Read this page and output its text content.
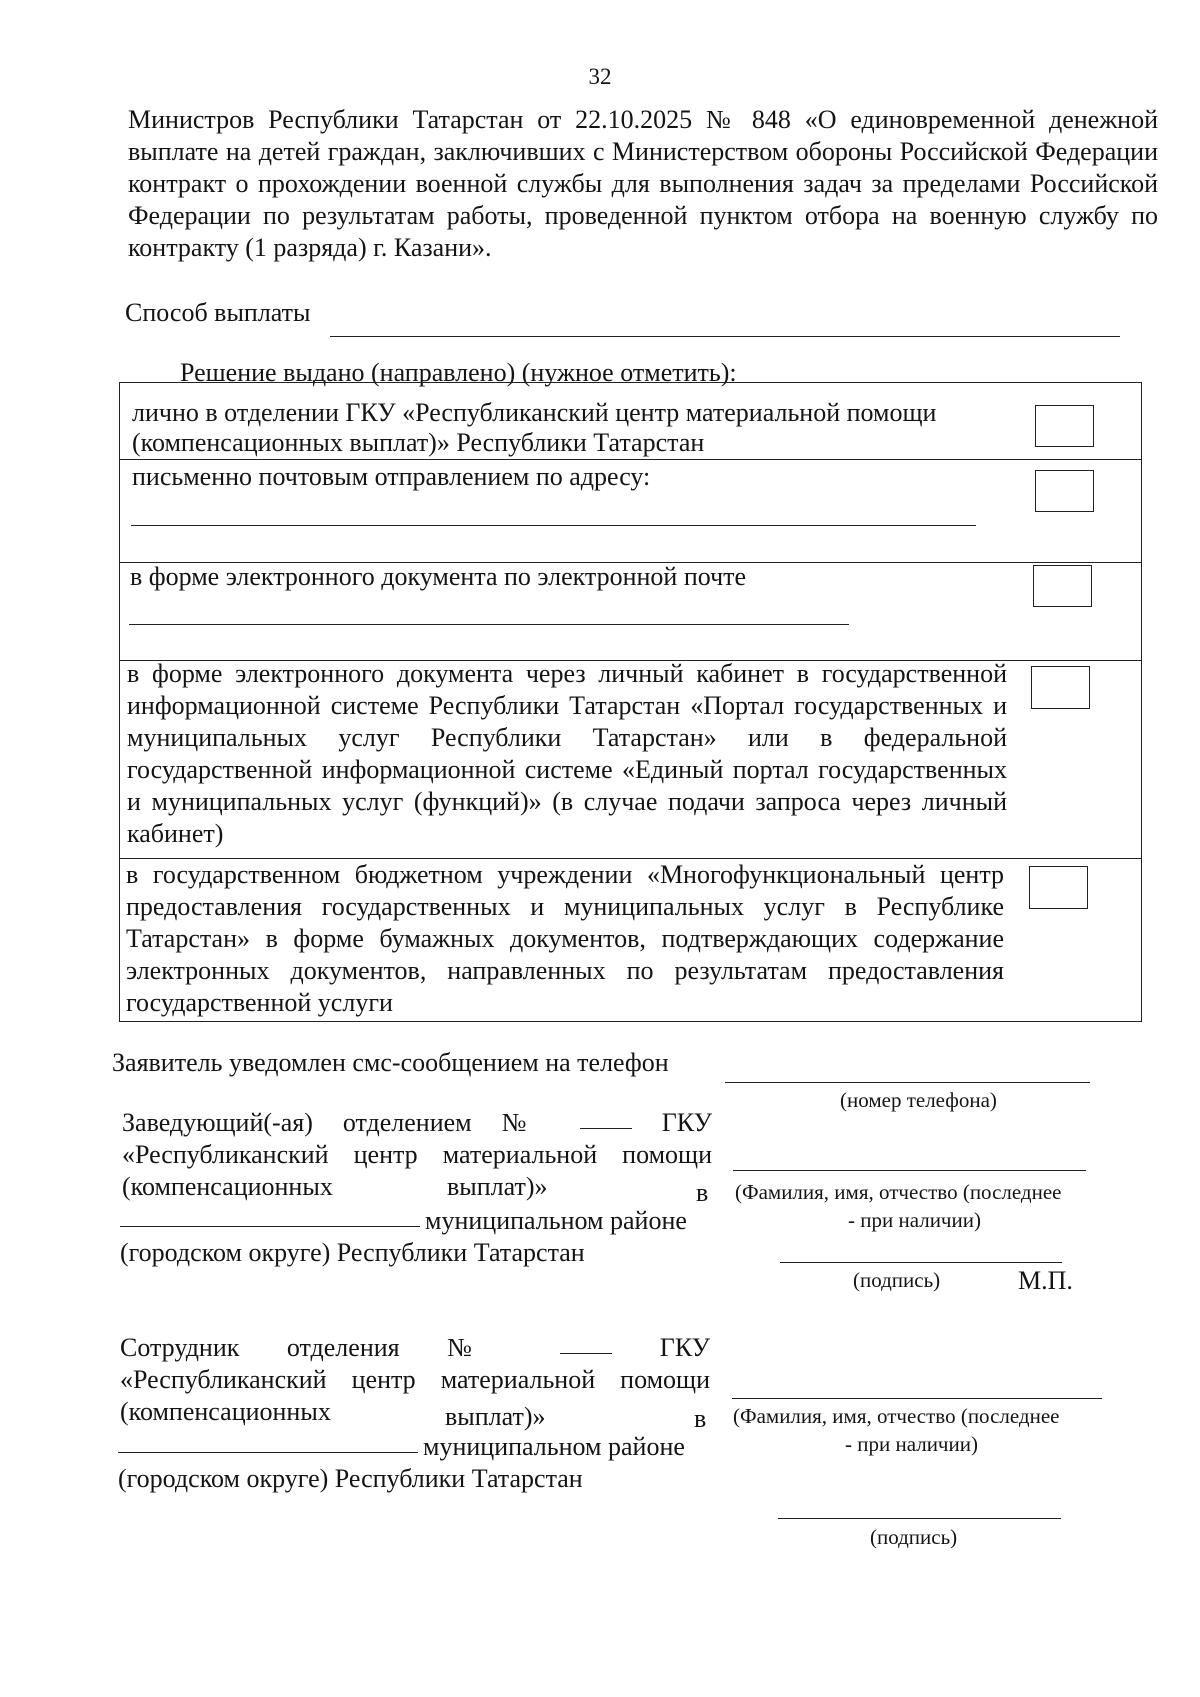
32
Министров Республики Татарстан от 22.10.2025 № 848 «О единовременной денежной выплате на детей граждан, заключивших с Министерством обороны Российской Федерации контракт о прохождении военной службы для выполнения задач за пределами Российской Федерации по результатам работы, проведенной пунктом отбора на военную службу по контракту (1 разряда) г. Казани».
Способ выплаты
Решение выдано (направлено) (нужное отметить):
лично в отделении ГКУ «Республиканский центр материальной помощи
(компенсационных выплат)» Республики Татарстан
письменно почтовым отправлением по адресу:
в форме электронного документа по электронной почте
в форме электронного документа через личный кабинет в государственной информационной системе Республики Татарстан «Портал государственных и муниципальных услуг Республики Татарстан» или в федеральной государственной информационной системе «Единый портал государственных и муниципальных услуг (функций)» (в случае подачи запроса через личный кабинет)
в государственном бюджетном учреждении «Многофункциональный центр предоставления государственных и муниципальных услуг в Республике Татарстан» в форме бумажных документов, подтверждающих содержание электронных документов, направленных по результатам предоставления государственной услуги
Заявитель уведомлен смс-сообщением на телефон
(номер телефона)
Заведующий(-ая) отделением №	ГКУ
«Республиканский центр материальной помощи
(компенсационных	выплат)»	в
муниципальном районе
(городском округе) Республики Татарстан
(Фамилия, имя, отчество (последнее
- при наличии)
(подпись)	М.П.
Сотрудник отделения №	ГКУ
«Республиканский центр материальной помощи
(компенсационных	выплат)»	в
муниципальном районе
(городском округе) Республики Татарстан
(Фамилия, имя, отчество (последнее
- при наличии)
(подпись)
